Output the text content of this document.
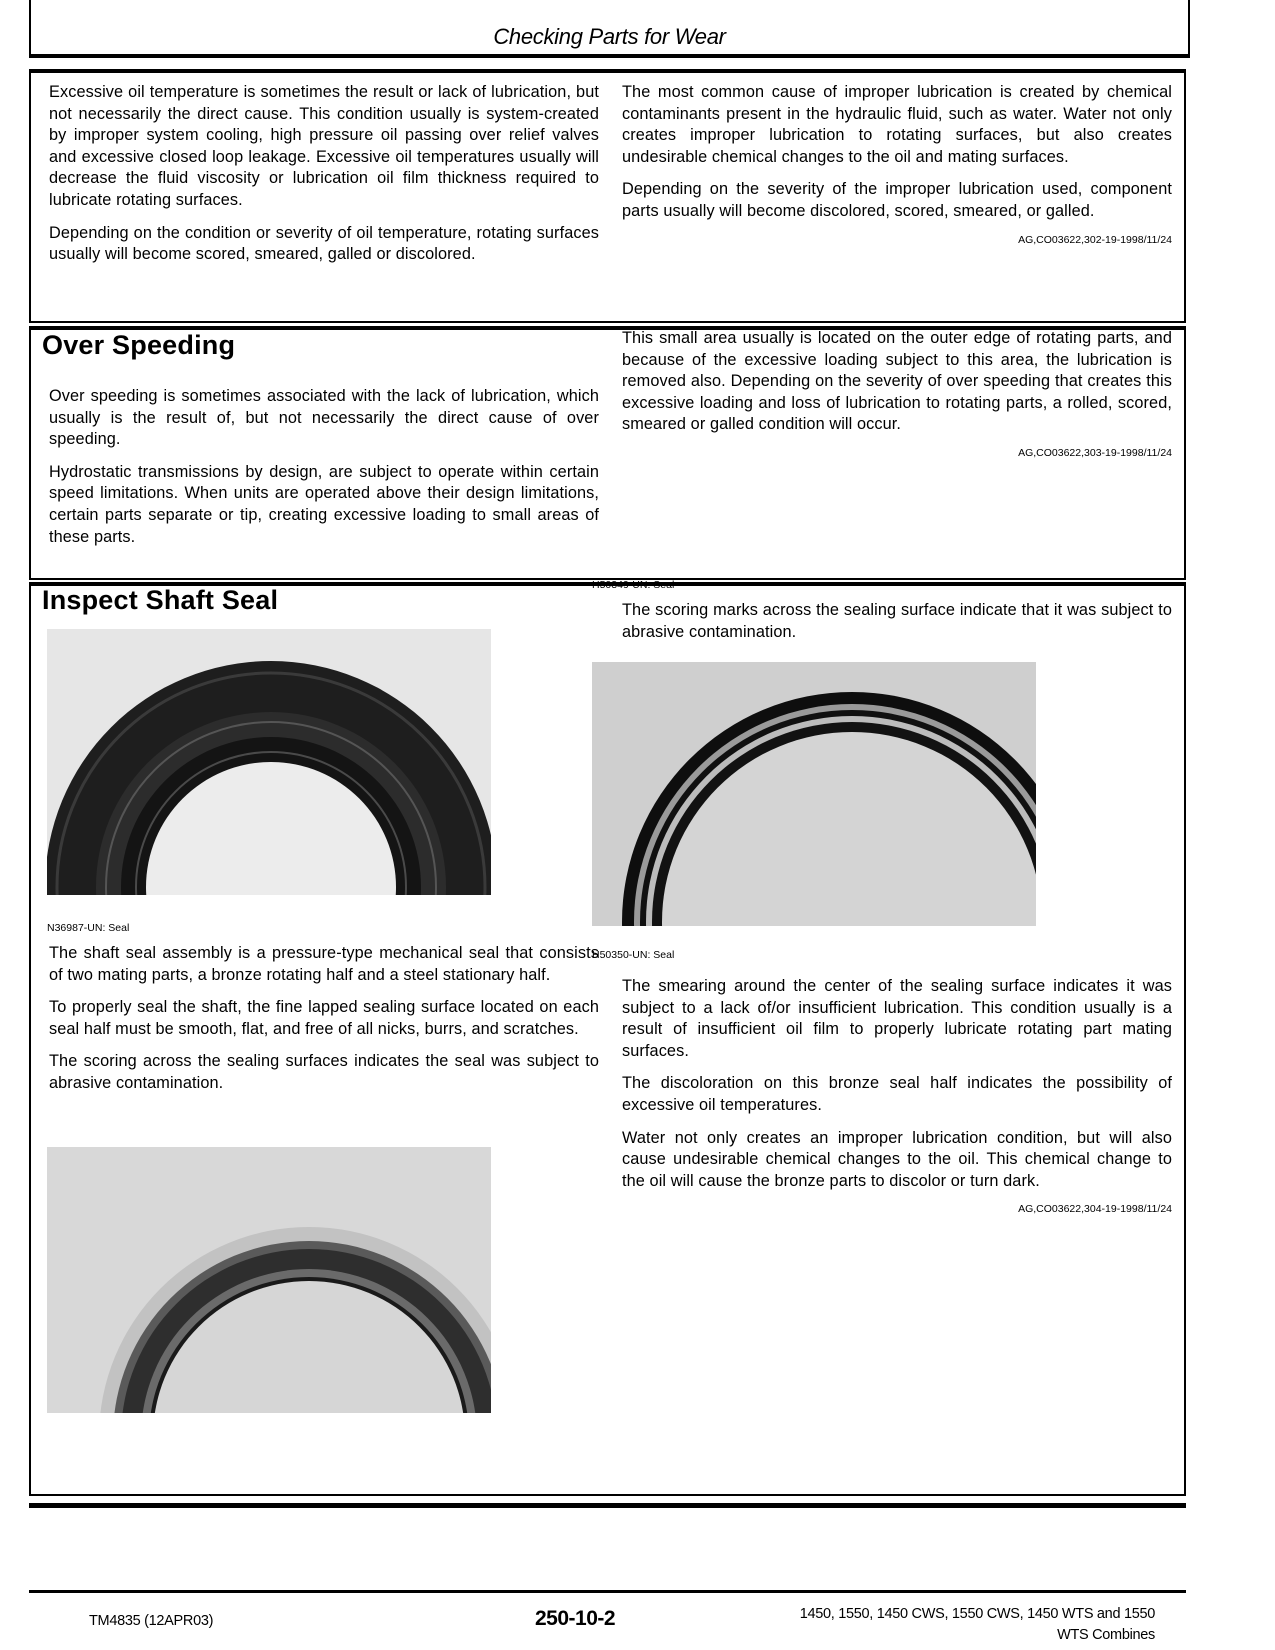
Checking Parts for Wear

Excessive oil temperature is sometimes the result or lack of lubrication, but not necessarily the direct cause. This condition usually is system-created by improper system cooling, high pressure oil passing over relief valves and excessive closed loop leakage. Excessive oil temperatures usually will decrease the fluid viscosity or lubrication oil film thickness required to lubricate rotating surfaces.

Depending on the condition or severity of oil temperature, rotating surfaces usually will become scored, smeared, galled or discolored.

The most common cause of improper lubrication is created by chemical contaminants present in the hydraulic fluid, such as water. Water not only creates improper lubrication to rotating surfaces, but also creates undesirable chemical changes to the oil and mating surfaces.

Depending on the severity of the improper lubrication used, component parts usually will become discolored, scored, smeared, or galled.

AG,CO03622,302-19-1998/11/24
Over Speeding

Over speeding is sometimes associated with the lack of lubrication, which usually is the result of, but not necessarily the direct cause of over speeding.

Hydrostatic transmissions by design, are subject to operate within certain speed limitations. When units are operated above their design limitations, certain parts separate or tip, creating excessive loading to small areas of these parts.

This small area usually is located on the outer edge of rotating parts, and because of the excessive loading subject to this area, the lubrication is removed also. Depending on the severity of over speeding that creates this excessive loading and loss of lubrication to rotating parts, a rolled, scored, smeared or galled condition will occur.

AG,CO03622,303-19-1998/11/24
Inspect Shaft Seal
N36987-UN: Seal

The shaft seal assembly is a pressure-type mechanical seal that consists of two mating parts, a bronze rotating half and a steel stationary half.

To properly seal the shaft, the fine lapped sealing surface located on each seal half must be smooth, flat, and free of all nicks, burrs, and scratches.

The scoring across the sealing surfaces indicates the seal was subject to abrasive contamination.

H50349-UN: Seal

The scoring marks across the sealing surface indicate that it was subject to abrasive contamination.

H50350-UN: Seal

The smearing around the center of the sealing surface indicates it was subject to a lack of/or insufficient lubrication. This condition usually is a result of insufficient oil film to properly lubricate rotating part mating surfaces.

The discoloration on this bronze seal half indicates the possibility of excessive oil temperatures.

Water not only creates an improper lubrication condition, but will also cause undesirable chemical changes to the oil. This chemical change to the oil will cause the bronze parts to discolor or turn dark.

AG,CO03622,304-19-1998/11/24
TM4835 (12APR03)	250-10-2	1450, 1550, 1450 CWS, 1550 CWS, 1450 WTS and 1550
WTS Combines
